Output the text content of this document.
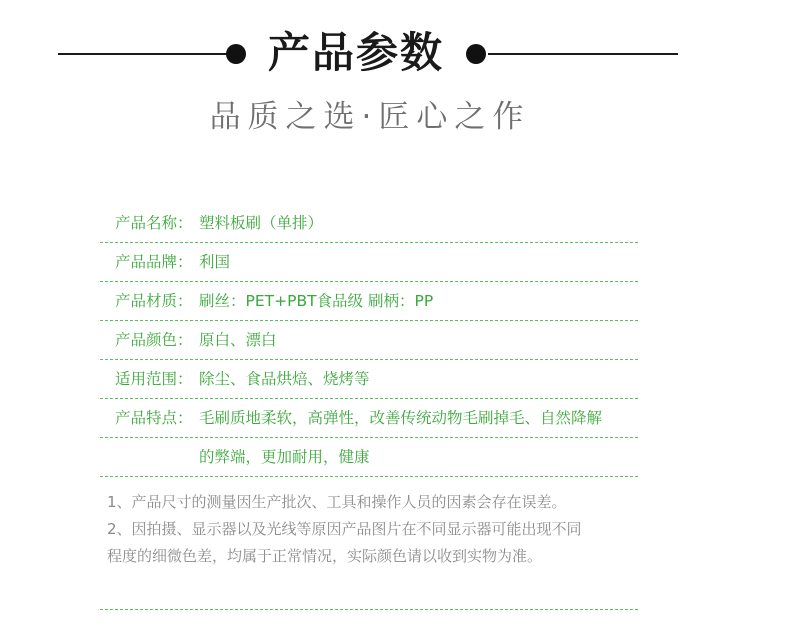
产品参数
品质之选·匠心之作
产品名称： 塑料板刷（单排）
产品品牌： 利国
产品材质： 刷丝：PET+PBT食品级 刷柄：PP
产品颜色： 原白、漂白
适用范围： 除尘、食品烘焙、烧烤等
产品特点： 毛刷质地柔软，高弹性，改善传统动物毛刷掉毛、自然降解
的弊端，更加耐用，健康
1、产品尺寸的测量因生产批次、工具和操作人员的因素会存在误差。
2、因拍摄、显示器以及光线等原因产品图片在不同显示器可能出现不同
程度的细微色差，均属于正常情况，实际颜色请以收到实物为准。
